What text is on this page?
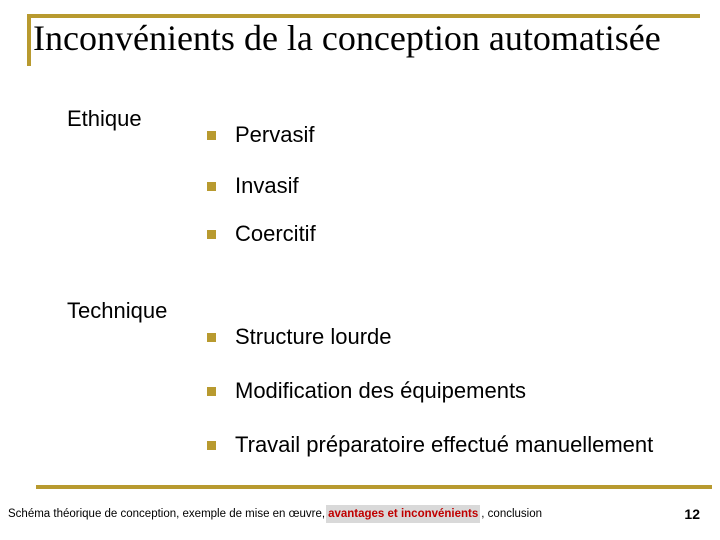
Inconvénients de la conception automatisée
Ethique
Pervasif
Invasif
Coercitif
Technique
Structure lourde
Modification des équipements
Travail préparatoire effectué manuellement
Schéma théorique de conception, exemple de mise en œuvre, avantages et inconvénients , conclusion	12
